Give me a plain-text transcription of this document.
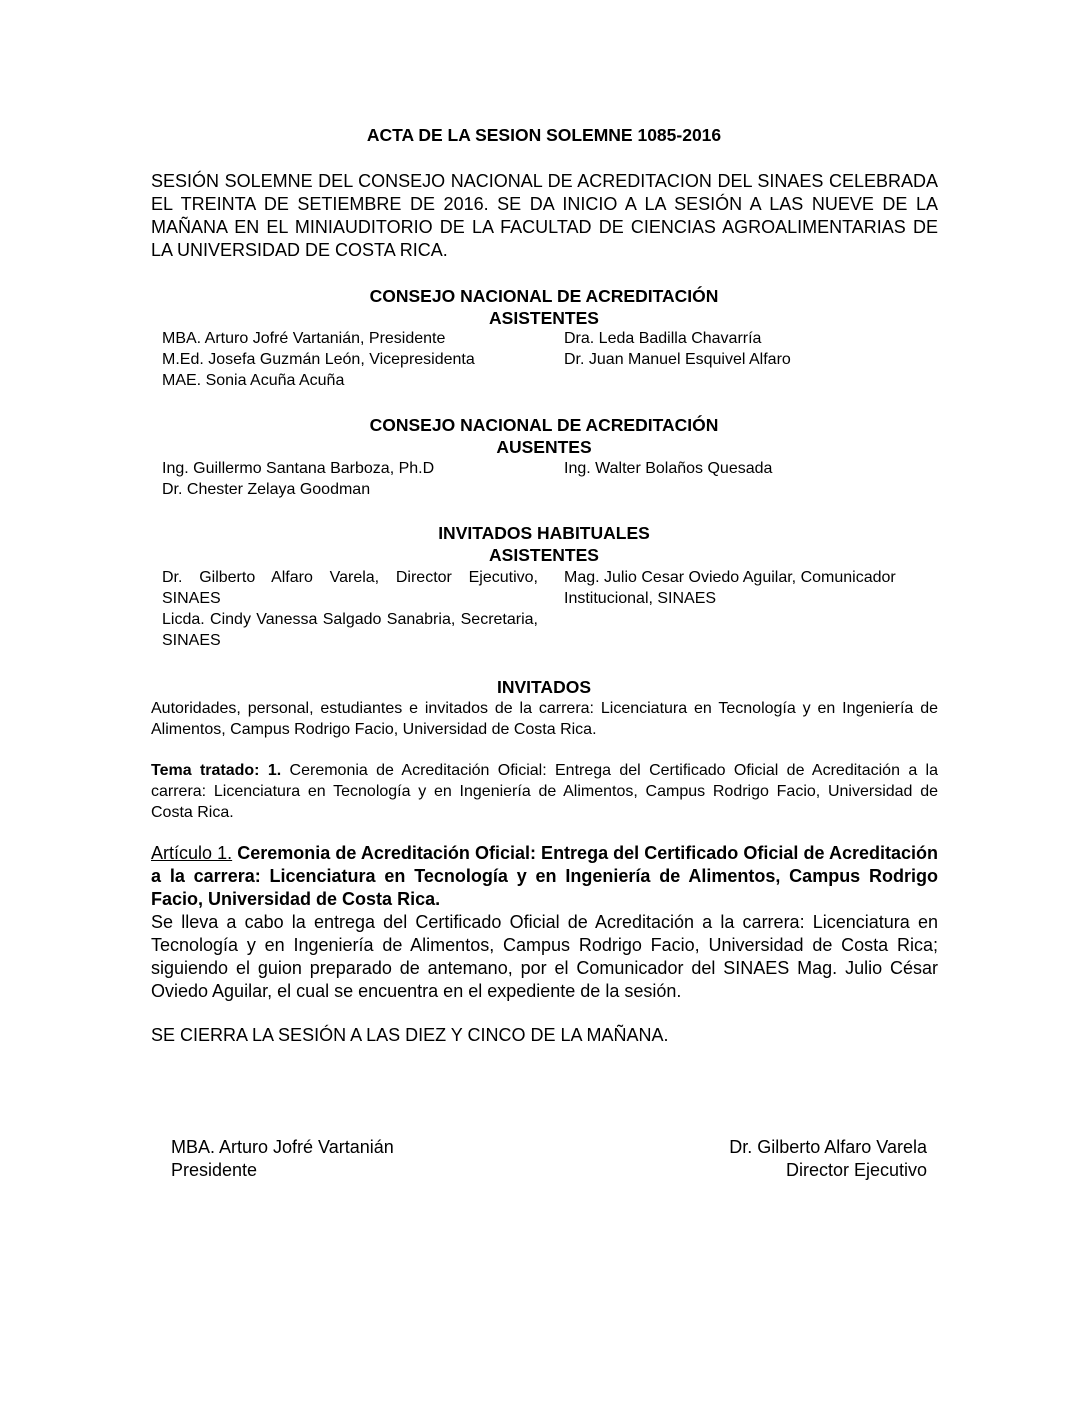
ACTA DE LA SESION SOLEMNE 1085-2016
SESIÓN SOLEMNE DEL CONSEJO NACIONAL DE ACREDITACION DEL SINAES CELEBRADA EL TREINTA DE SETIEMBRE DE 2016. SE DA INICIO A LA SESIÓN A LAS NUEVE DE LA MAÑANA EN EL MINIAUDITORIO DE LA FACULTAD DE CIENCIAS AGROALIMENTARIAS DE LA UNIVERSIDAD DE COSTA RICA.
CONSEJO NACIONAL DE ACREDITACIÓN
ASISTENTES

MBA. Arturo Jofré Vartanián, Presidente

M.Ed. Josefa Guzmán León, Vicepresidenta

MAE. Sonia Acuña Acuña

Dra. Leda Badilla Chavarría

Dr. Juan Manuel Esquivel Alfaro

CONSEJO NACIONAL DE ACREDITACIÓN
AUSENTES

Ing. Guillermo Santana Barboza, Ph.D

Dr. Chester Zelaya Goodman

Ing. Walter Bolaños Quesada

INVITADOS HABITUALES
ASISTENTES

Dr. Gilberto Alfaro Varela, Director Ejecutivo, SINAES

Licda. Cindy Vanessa Salgado Sanabria, Secretaria, SINAES

Mag. Julio Cesar Oviedo Aguilar, Comunicador Institucional, SINAES

INVITADOS
Autoridades, personal, estudiantes e invitados de la carrera: Licenciatura en Tecnología y en Ingeniería de Alimentos, Campus Rodrigo Facio, Universidad de Costa Rica.

Tema tratado: 1. Ceremonia de Acreditación Oficial: Entrega del Certificado Oficial de Acreditación a la carrera: Licenciatura en Tecnología y en Ingeniería de Alimentos, Campus Rodrigo Facio, Universidad de Costa Rica.

Artículo 1. Ceremonia de Acreditación Oficial: Entrega del Certificado Oficial de Acreditación a la carrera: Licenciatura en Tecnología y en Ingeniería de Alimentos, Campus Rodrigo Facio, Universidad de Costa Rica.

Se lleva a cabo la entrega del Certificado Oficial de Acreditación a la carrera: Licenciatura en Tecnología y en Ingeniería de Alimentos, Campus Rodrigo Facio, Universidad de Costa Rica; siguiendo el guion preparado de antemano, por el Comunicador del SINAES Mag. Julio César Oviedo Aguilar, el cual se encuentra en el expediente de la sesión.

SE CIERRA LA SESIÓN A LAS DIEZ Y CINCO DE LA MAÑANA.

MBA. Arturo Jofré Vartanián

Presidente

Dr. Gilberto Alfaro Varela

Director Ejecutivo
